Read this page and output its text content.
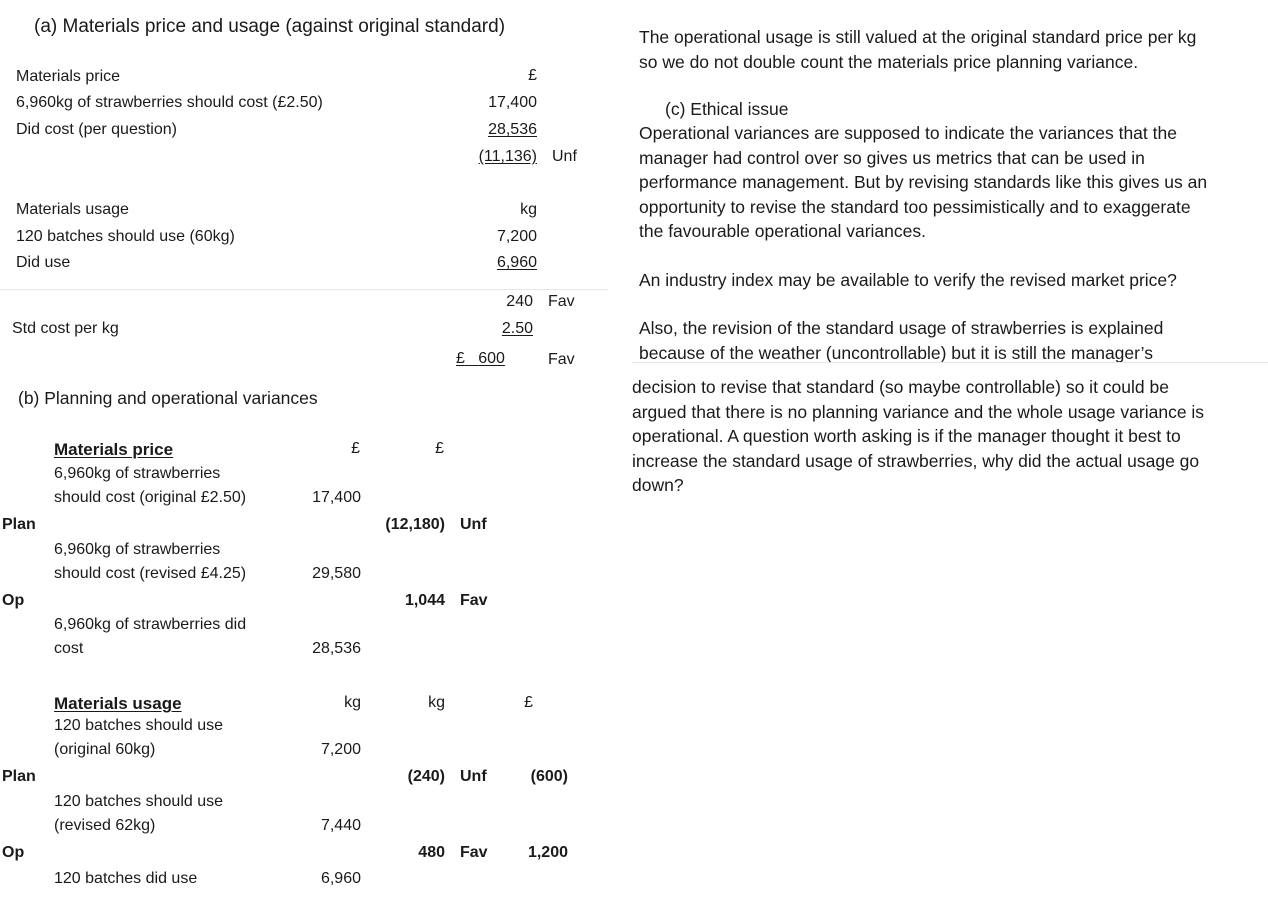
(a) Materials price and usage (against original standard)
Materials price	£
6,960kg of strawberries should cost (£2.50)	17,400
Did cost (per question)	28,536
(11,136) Unf
Materials usage	kg
120 batches should use (60kg)	7,200
Did use	6,960
240 Fav
Std cost per kg	2.50
£ 600	Fav
(b) Planning and operational variances
Materials price	£	£
6,960kg of strawberries
should cost (original £2.50)	17,400
Plan	(12,180) Unf
6,960kg of strawberries
should cost (revised £4.25)	29,580
Op	1,044 Fav
6,960kg of strawberries did
cost	28,536
Materials usage	kg	kg	£
120 batches should use
(original 60kg)	7,200
Plan	(240) Unf	(600)
120 batches should use
(revised 62kg)	7,440
Op	480 Fav	1,200
120 batches did use	6,960
The operational usage is still valued at the original standard price per kg
so we do not double count the materials price planning variance.
(c) Ethical issue
Operational variances are supposed to indicate the variances that the
manager had control over so gives us metrics that can be used in
performance management. But by revising standards like this gives us an
opportunity to revise the standard too pessimistically and to exaggerate
the favourable operational variances.
An industry index may be available to verify the revised market price?
Also, the revision of the standard usage of strawberries is explained
because of the weather (uncontrollable) but it is still the manager’s
decision to revise that standard (so maybe controllable) so it could be
argued that there is no planning variance and the whole usage variance is
operational. A question worth asking is if the manager thought it best to
increase the standard usage of strawberries, why did the actual usage go
down?
